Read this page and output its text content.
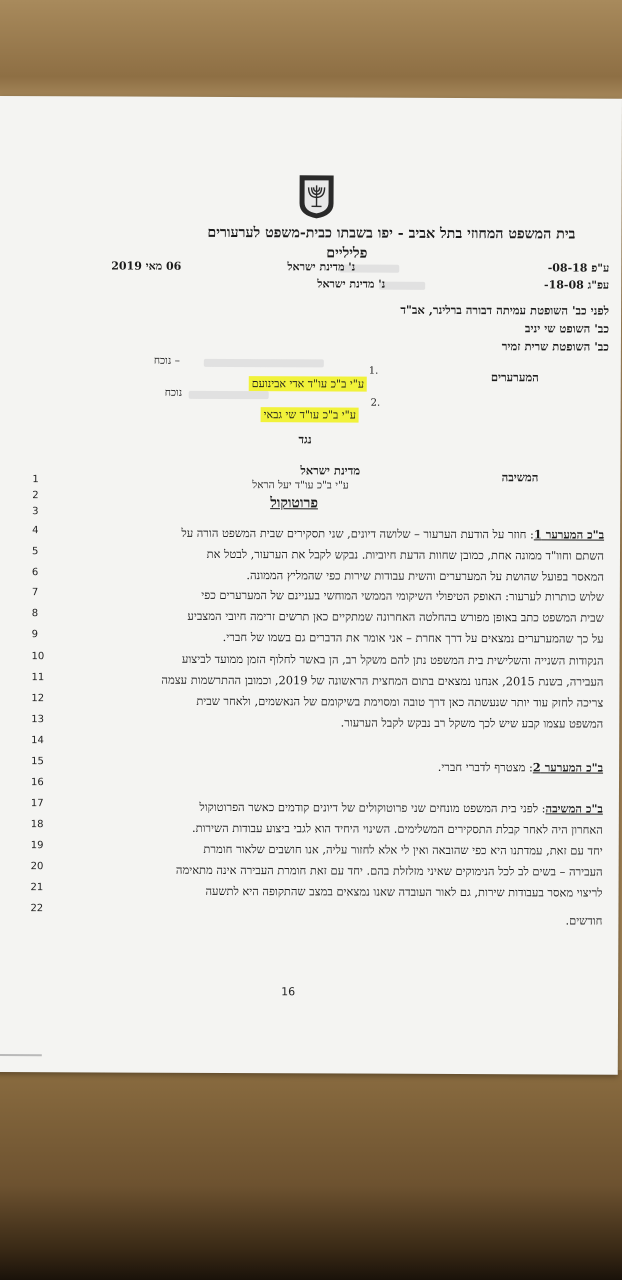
בית המשפט המחוזי בתל אביב - יפו בשבתו כבית-משפט לערעורים
פליליים
06 מאי 2019	ע"פ 08-18-
נ' מדינת ישראל
עפ"ג 18-08-
נ' מדינת ישראל
לפני כב' השופטת עמיתה דבורה ברלינר, אב"ד
כב' השופט שי יניב
כב' השופטת שרית זמיר
המערערים
– נוכח
1.
ע"י ב"כ עו"ד אדי אבינועם
נוכח
2.
ע"י ב"כ עו"ד שי גבאי
נגד
המשיבה
מדינת ישראל
ע"י ב"כ עו"ד יעל הראל
פרוטוקול
1
2
3
4
5
6
7
8
9
10
11
12
13
14
15
16
17
18
19
20
21
22
ב"כ המערער 1: חוזר על הודעת הערעור – שלושה דיונים, שני תסקירים שבית המשפט הורה על
השתם וחוו"ד ממונה אחת, כמובן שחוות הדעת חיוביות. נבקש לקבל את הערעור, לבטל את
המאסר בפועל שהושת על המערערים והשית עבודות שירות כפי שהמליץ הממונה.
שלוש כותרות לערעור: האופק הטיפולי השיקומי הממשי המוחשי בעניינם של המערערים כפי
שבית המשפט כתב באופן מפורש בהחלטה האחרונה שמתקיים כאן תרשים זרימה חיובי המצביע
על כך שהמערערים נמצאים על דרך אחרת – אני אומר את הדברים גם בשמו של חברי.
הנקודות השנייה והשלישית בית המשפט נתן להם משקל רב, הן באשר לחלוף הזמן ממועד לביצוע
העבירה, בשנת 2015, אנחנו נמצאים בתום המחצית הראשונה של 2019, וכמובן ההתרשמות עצמה
צריכה לחזק עוד יותר שנעשתה כאן דרך טובה ומסוימת בשיקומם של הנאשמים, ולאחר שבית
המשפט עצמו קבע שיש לכך משקל רב נבקש לקבל הערעור.
ב"כ המערער 2: מצטרף לדברי חברי.
ב"כ המשיבה: לפני בית המשפט מונחים שני פרוטוקולים של דיונים קודמים כאשר הפרוטוקול
האחרון היה לאחר קבלת התסקירים המשלימים. השינוי היחיד הוא לגבי ביצוע עבודות השירות.
יחד עם זאת, עמדתנו היא כפי שהובאה ואין לי אלא לחזור עליה, אנו חושבים שלאור חומרת
העבירה – בשים לב לכל הנימוקים שאיני מזלזלת בהם. יחד עם זאת חומרת העבירה אינה מתאימה
לריצוי מאסר בעבודות שירות, גם לאור העובדה שאנו נמצאים במצב שהתקופה היא לתשעה
חודשים.
16
